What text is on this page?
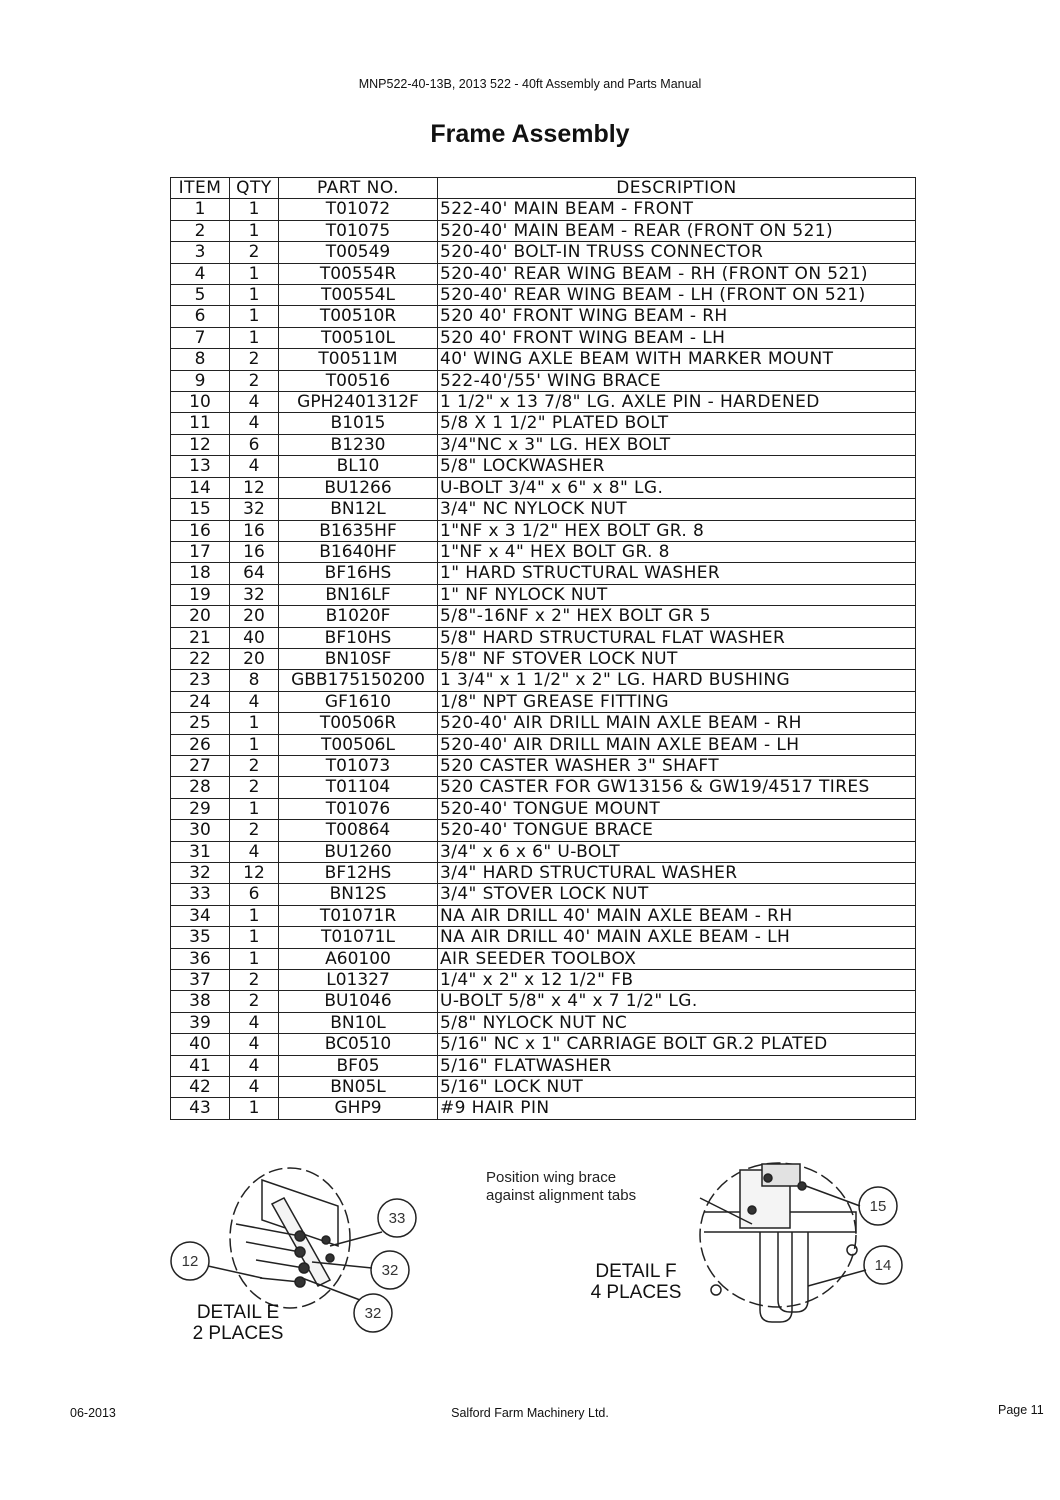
MNP522-40-13B, 2013 522 - 40ft Assembly and Parts Manual
Frame Assembly
ITEM	QTY	PART NO.	DESCRIPTION
1	1	T01072	522-40' MAIN BEAM - FRONT
2	1	T01075	520-40' MAIN BEAM - REAR (FRONT ON 521)
3	2	T00549	520-40' BOLT-IN TRUSS CONNECTOR
4	1	T00554R	520-40' REAR WING BEAM - RH (FRONT ON 521)
5	1	T00554L	520-40' REAR WING BEAM - LH (FRONT ON 521)
6	1	T00510R	520 40' FRONT WING BEAM - RH
7	1	T00510L	520 40' FRONT WING BEAM - LH
8	2	T00511M	40' WING AXLE BEAM WITH MARKER MOUNT
9	2	T00516	522-40'/55' WING BRACE
10	4	GPH2401312F	1 1/2" x 13 7/8" LG. AXLE PIN - HARDENED
11	4	B1015	5/8 X 1 1/2" PLATED BOLT
12	6	B1230	3/4"NC x 3" LG. HEX BOLT
13	4	BL10	5/8" LOCKWASHER
14	12	BU1266	U-BOLT 3/4" x 6" x 8" LG.
15	32	BN12L	3/4" NC NYLOCK NUT
16	16	B1635HF	1"NF x 3 1/2" HEX BOLT GR. 8
17	16	B1640HF	1"NF x 4" HEX BOLT GR. 8
18	64	BF16HS	1" HARD STRUCTURAL WASHER
19	32	BN16LF	1" NF NYLOCK NUT
20	20	B1020F	5/8"-16NF x 2" HEX BOLT GR 5
21	40	BF10HS	5/8" HARD STRUCTURAL FLAT WASHER
22	20	BN10SF	5/8" NF STOVER LOCK NUT
23	8	GBB175150200	1 3/4" x 1 1/2" x 2" LG. HARD BUSHING
24	4	GF1610	1/8" NPT GREASE FITTING
25	1	T00506R	520-40' AIR DRILL MAIN AXLE BEAM - RH
26	1	T00506L	520-40' AIR DRILL MAIN AXLE BEAM - LH
27	2	T01073	520 CASTER WASHER 3" SHAFT
28	2	T01104	520 CASTER FOR GW13156 & GW19/4517 TIRES
29	1	T01076	520-40' TONGUE MOUNT
30	2	T00864	520-40' TONGUE BRACE
31	4	BU1260	3/4" x 6 x 6" U-BOLT
32	12	BF12HS	3/4" HARD STRUCTURAL WASHER
33	6	BN12S	3/4" STOVER LOCK NUT
34	1	T01071R	NA AIR DRILL 40' MAIN AXLE BEAM - RH
35	1	T01071L	NA AIR DRILL 40' MAIN AXLE BEAM - LH
36	1	A60100	AIR SEEDER TOOLBOX
37	2	L01327	1/4" x 2" x 12 1/2" FB
38	2	BU1046	U-BOLT 5/8" x 4" x 7 1/2" LG.
39	4	BN10L	5/8" NYLOCK NUT NC
40	4	BC0510	5/16" NC x 1" CARRIAGE BOLT GR.2 PLATED
41	4	BF05	5/16" FLATWASHER
42	4	BN05L	5/16" LOCK NUT
43	1	GHP9	#9 HAIR PIN
12
33
32
32
15
14
DETAIL E
2 PLACES
Position wing brace
against alignment tabs
DETAIL F
4 PLACES
06-2013	Salford Farm Machinery Ltd.	Page 11
